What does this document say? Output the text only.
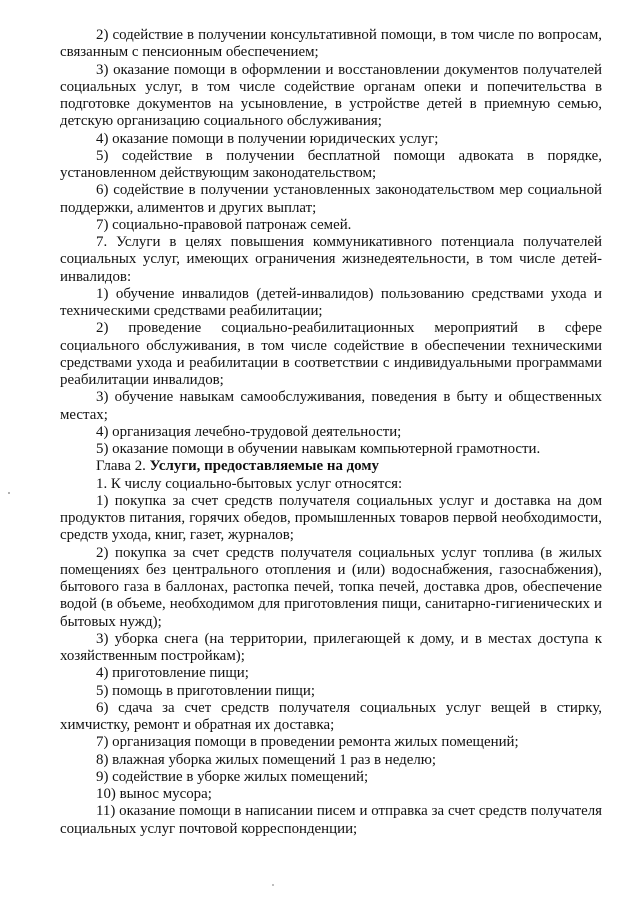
2) содействие в получении консультативной помощи, в том числе по вопросам, связанным с пенсионным обеспечением;

3) оказание помощи в оформлении и восстановлении документов получателей социальных услуг, в том числе содействие органам опеки и попечительства в подготовке документов на усыновление, в устройстве детей в приемную семью, детскую организацию социального обслуживания;

4) оказание помощи в получении юридических услуг;

5) содействие в получении бесплатной помощи адвоката в порядке, установленном действующим законодательством;

6) содействие в получении установленных законодательством мер социальной поддержки, алиментов и других выплат;

7) социально-правовой патронаж семей.

7. Услуги в целях повышения коммуникативного потенциала получателей социальных услуг, имеющих ограничения жизнедеятельности, в том числе детей-инвалидов:

1) обучение инвалидов (детей-инвалидов) пользованию средствами ухода и техническими средствами реабилитации;

2) проведение социально-реабилитационных мероприятий в сфере социального обслуживания, в том числе содействие в обеспечении техническими средствами ухода и реабилитации в соответствии с индивидуальными программами реабилитации инвалидов;

3) обучение навыкам самообслуживания, поведения в быту и общественных местах;

4) организация лечебно-трудовой деятельности;

5) оказание помощи в обучении навыкам компьютерной грамотности.

Глава 2. Услуги, предоставляемые на дому

1. К числу социально-бытовых услуг относятся:

1) покупка за счет средств получателя социальных услуг и доставка на дом продуктов питания, горячих обедов, промышленных товаров первой необходимости, средств ухода, книг, газет, журналов;

2) покупка за счет средств получателя социальных услуг топлива (в жилых помещениях без центрального отопления и (или) водоснабжения, газоснабжения), бытового газа в баллонах, растопка печей, топка печей, доставка дров, обеспечение водой (в объеме, необходимом для приготовления пищи, санитарно-гигиенических и бытовых нужд);

3) уборка снега (на территории, прилегающей к дому, и в местах доступа к хозяйственным постройкам);

4) приготовление пищи;

5) помощь в приготовлении пищи;

6) сдача за счет средств получателя социальных услуг вещей в стирку, химчистку, ремонт и обратная их доставка;

7) организация помощи в проведении ремонта жилых помещений;

8) влажная уборка жилых помещений 1 раз в неделю;

9) содействие в уборке жилых помещений;

10) вынос мусора;

11) оказание помощи в написании писем и отправка за счет средств получателя социальных услуг почтовой корреспонденции;
